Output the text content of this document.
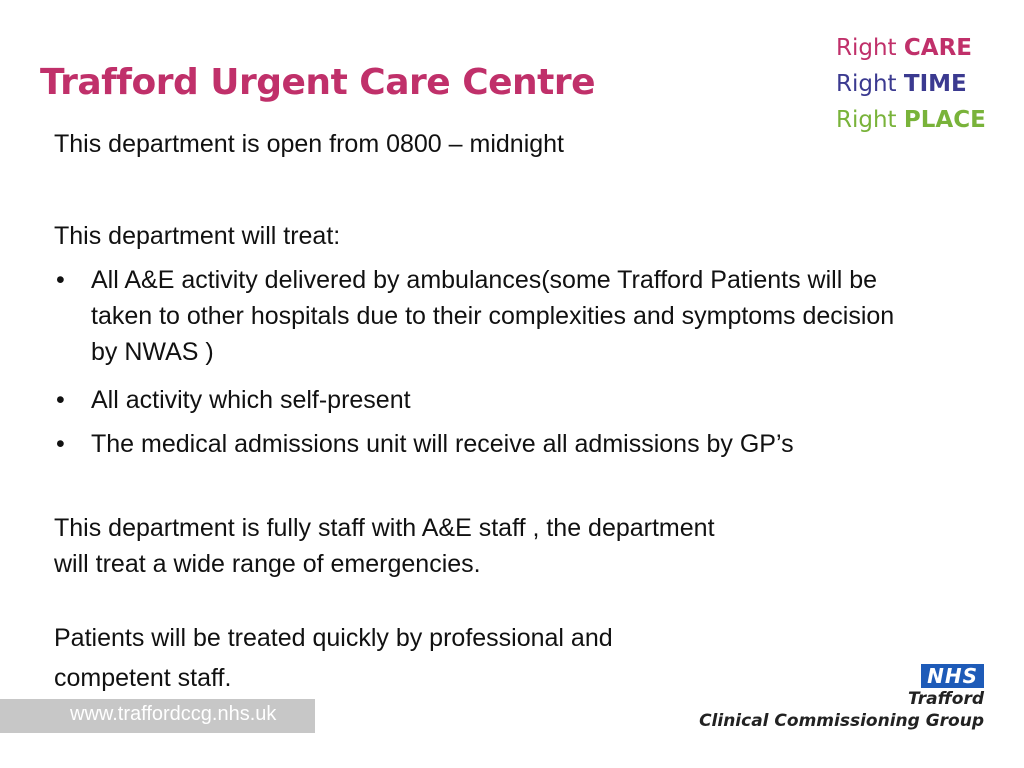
Trafford Urgent Care Centre
Right CARE
Right TIME
Right PLACE
This department is open from 0800 – midnight
This department will treat:
• All A&E activity delivered by ambulances(some Trafford Patients will be taken to other hospitals due to their complexities and symptoms decision by NWAS )
• All activity which self-present
• The medical admissions unit will receive all admissions by GP’s
This department is fully staff with A&E staff , the department
will treat a wide range of emergencies.
Patients will be treated quickly by professional and
competent staff.
www.traffordccg.nhs.uk
NHS
Trafford
Clinical Commissioning Group
